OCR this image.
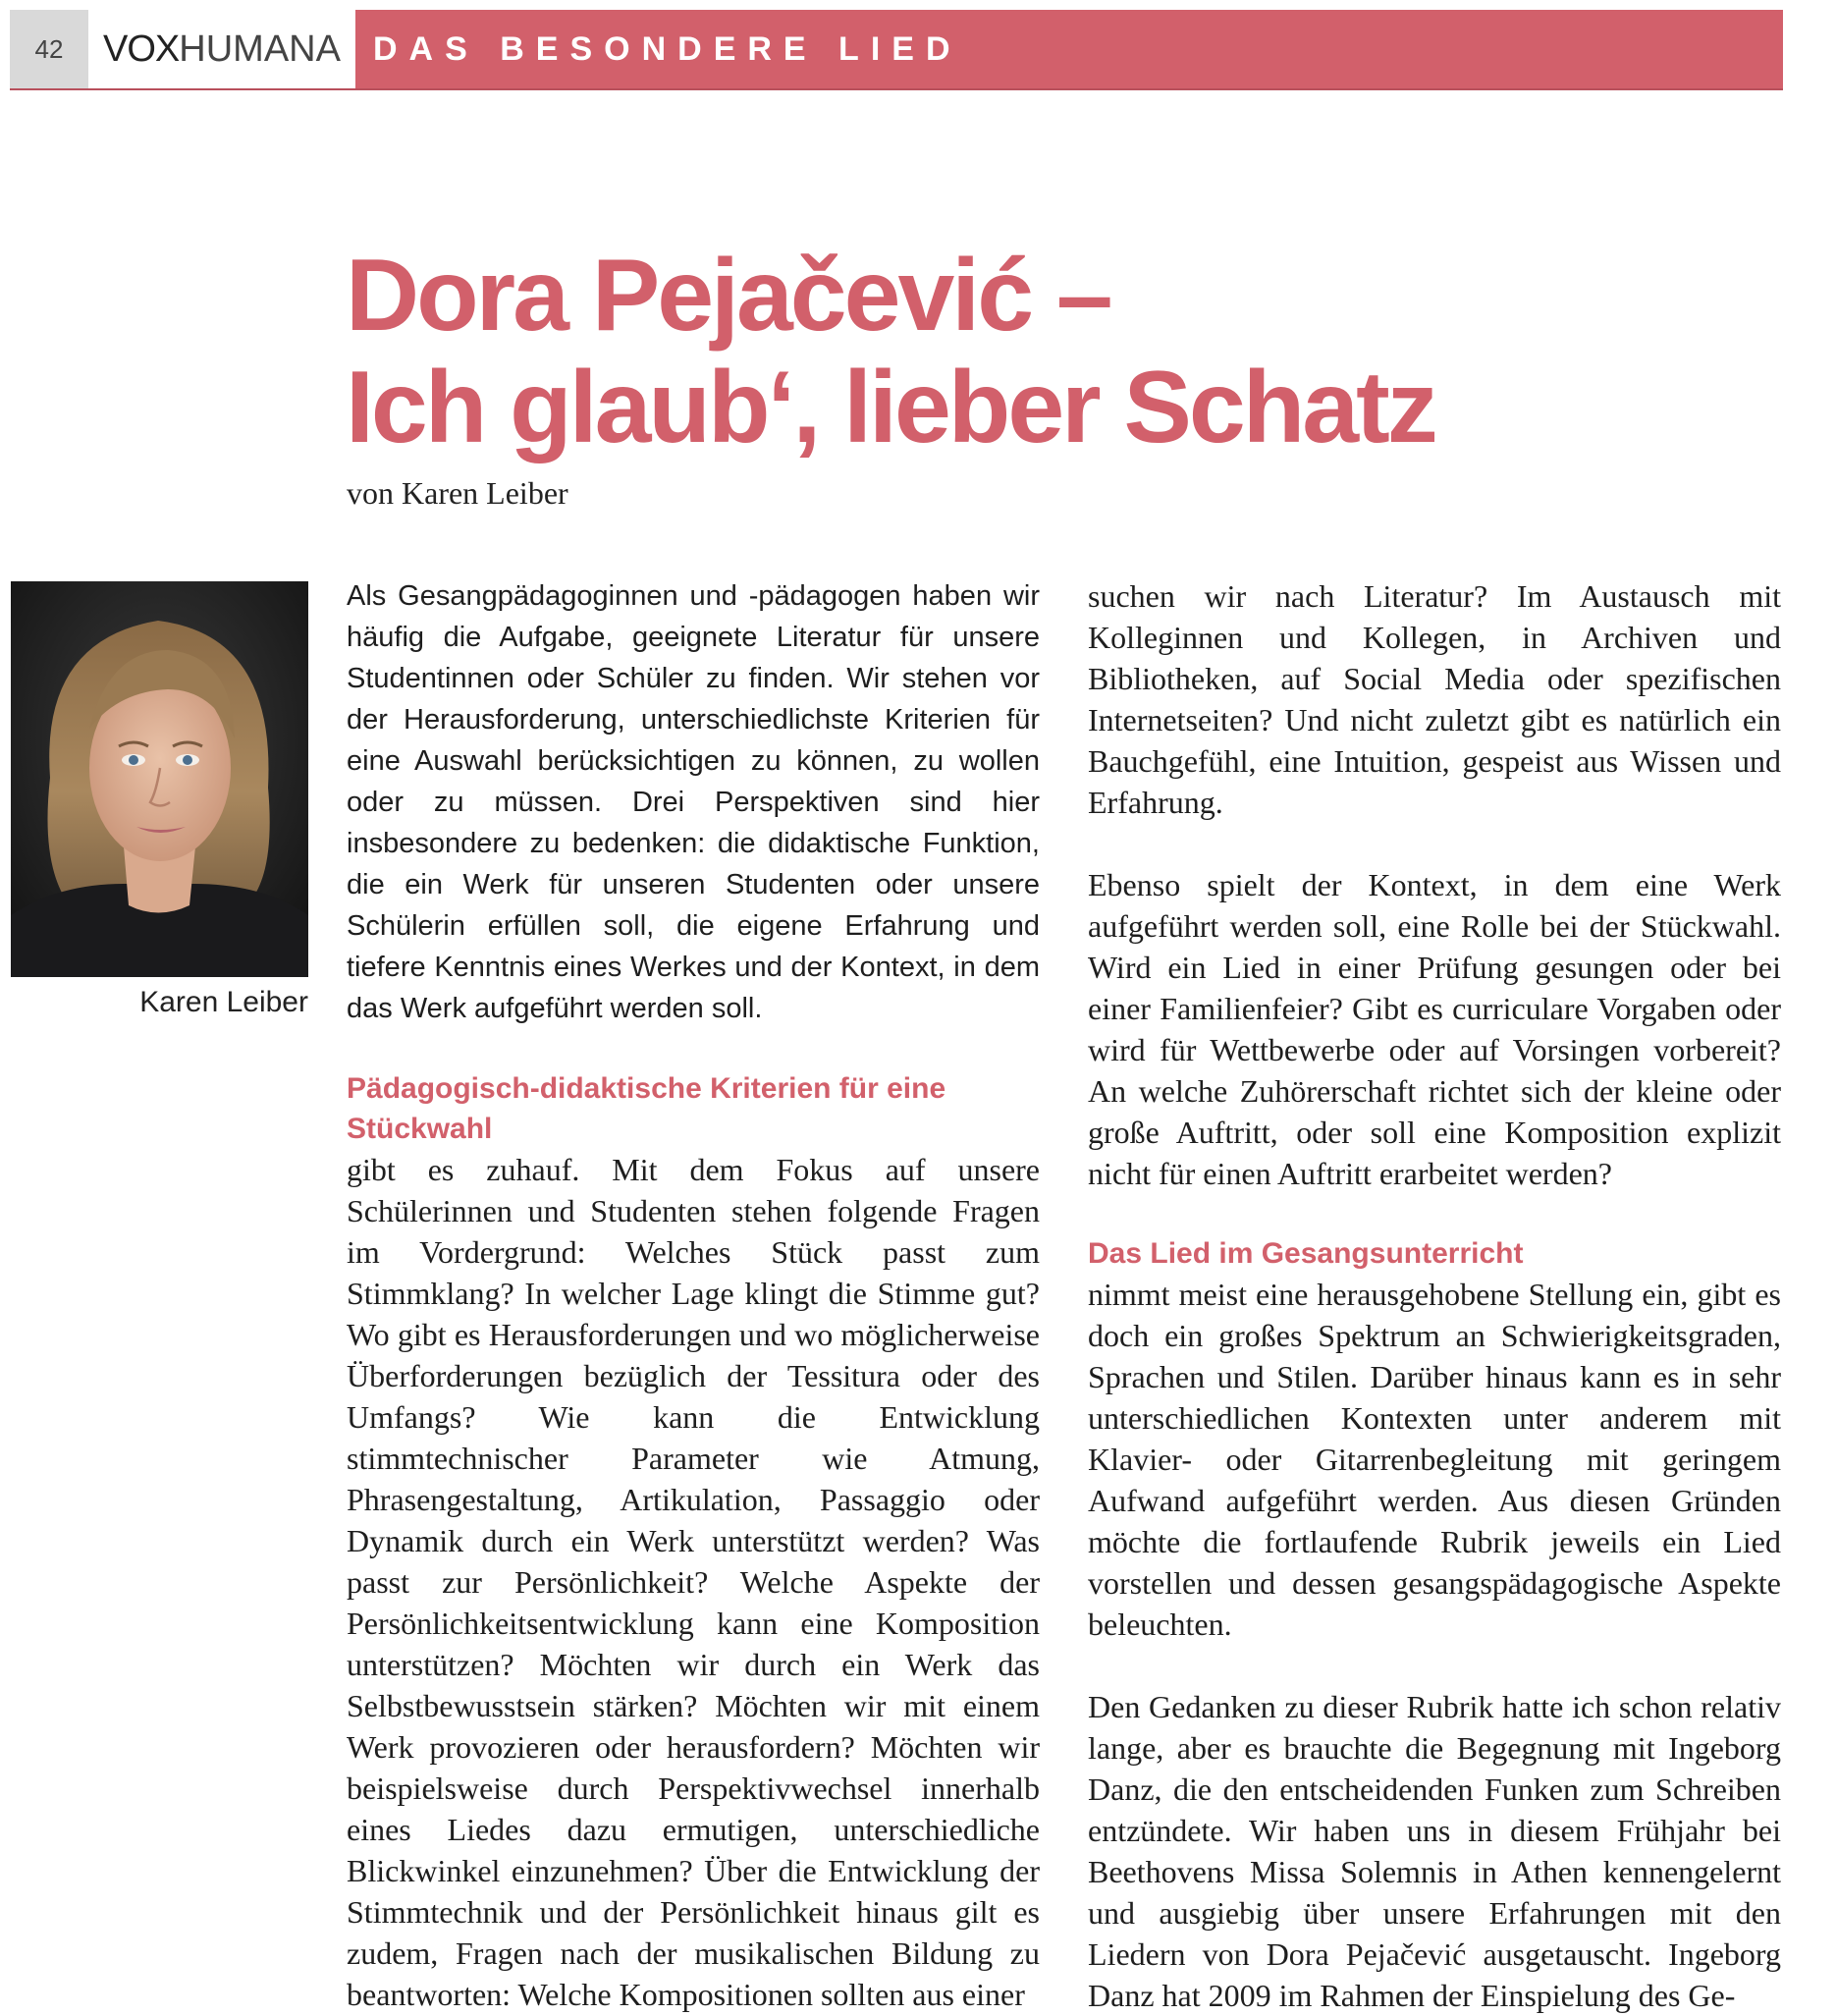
42	VOXHUMANA DAS BESONDERE LIED
Dora Pejačević –
Ich glaub‘, lieber Schatz
von Karen Leiber
Karen Leiber

Als Gesangpädagoginnen und -pädagogen haben wir häufig die Aufgabe, geeignete Literatur für unsere Studentinnen oder Schüler zu finden. Wir stehen vor der Herausforderung, unterschiedlichste Kriterien für eine Auswahl berücksichtigen zu können, zu wollen oder zu müssen. Drei Perspektiven sind hier insbesondere zu bedenken: die didaktische Funktion, die ein Werk für unseren Studenten oder unsere Schülerin erfüllen soll, die eigene Erfahrung und tiefere Kenntnis eines Werkes und der Kontext, in dem das Werk aufgeführt werden soll.

Pädagogisch-didaktische Kriterien für eine Stückwahl

gibt es zuhauf. Mit dem Fokus auf unsere Schülerinnen und Studenten stehen folgende Fragen im Vordergrund: Welches Stück passt zum Stimmklang? In welcher Lage klingt die Stimme gut? Wo gibt es Herausforderungen und wo möglicherweise Überforderungen bezüglich der Tessitura oder des Umfangs? Wie kann die Entwicklung stimmtechnischer Parameter wie Atmung, Phrasengestaltung, Artikulation, Passaggio oder Dynamik durch ein Werk unterstützt werden? Was passt zur Persönlichkeit? Welche Aspekte der Persönlichkeitsentwicklung kann eine Komposition unterstützen? Möchten wir durch ein Werk das Selbstbewusstsein stärken? Möchten wir mit einem Werk provozieren oder herausfordern? Möchten wir beispielsweise durch Perspektivwechsel innerhalb eines Liedes dazu ermutigen, unterschiedliche Blickwinkel einzunehmen? Über die Entwicklung der Stimmtechnik und der Persönlichkeit hinaus gilt es zudem, Fragen nach der musikalischen Bildung zu beantworten: Welche Kompositionen sollten aus einer

suchen wir nach Literatur? Im Austausch mit Kolleginnen und Kollegen, in Archiven und Bibliotheken, auf Social Media oder spezifischen Internetseiten? Und nicht zuletzt gibt es natürlich ein Bauchgefühl, eine Intuition, gespeist aus Wissen und Erfahrung.

Ebenso spielt der Kontext, in dem eine Werk aufgeführt werden soll, eine Rolle bei der Stückwahl. Wird ein Lied in einer Prüfung gesungen oder bei einer Familienfeier? Gibt es curriculare Vorgaben oder wird für Wettbewerbe oder auf Vorsingen vorbereit? An welche Zuhörerschaft richtet sich der kleine oder große Auftritt, oder soll eine Komposition explizit nicht für einen Auftritt erarbeitet werden?

Das Lied im Gesangsunterricht

nimmt meist eine herausgehobene Stellung ein, gibt es doch ein großes Spektrum an Schwierigkeitsgraden, Sprachen und Stilen. Darüber hinaus kann es in sehr unterschiedlichen Kontexten unter anderem mit Klavier- oder Gitarrenbegleitung mit geringem Aufwand aufgeführt werden. Aus diesen Gründen möchte die fortlaufende Rubrik jeweils ein Lied vorstellen und dessen gesangspädagogische Aspekte beleuchten.

Den Gedanken zu dieser Rubrik hatte ich schon relativ lange, aber es brauchte die Begegnung mit Ingeborg Danz, die den entscheidenden Funken zum Schreiben entzündete. Wir haben uns in diesem Frühjahr bei Beethovens Missa Solemnis in Athen kennengelernt und ausgiebig über unsere Erfahrungen mit den Liedern von Dora Pejačević ausgetauscht. Ingeborg Danz hat 2009 im Rahmen der Einspielung des Ge-
